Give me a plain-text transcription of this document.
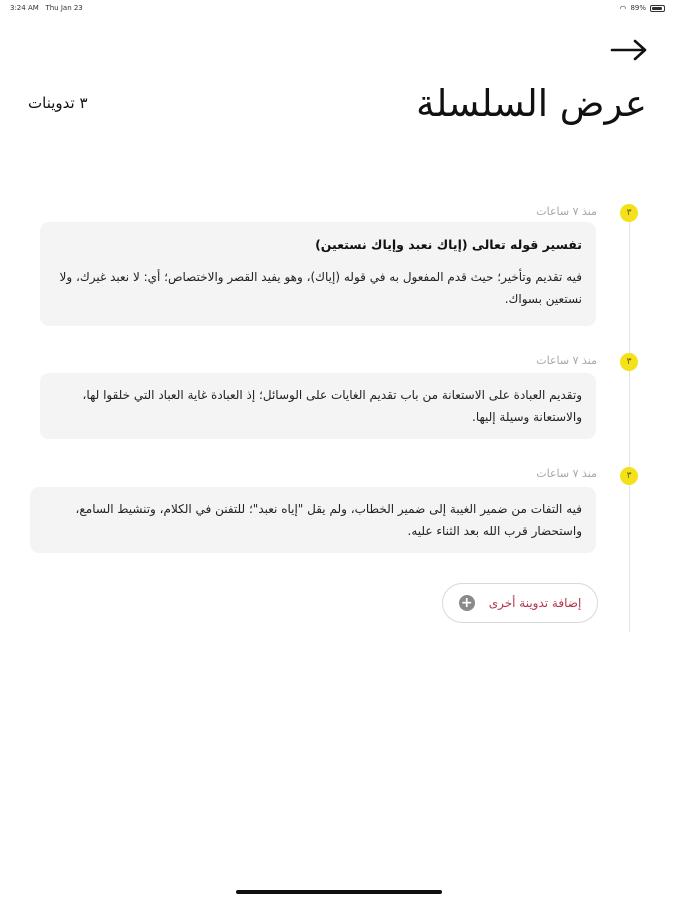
3:24 AM Thu Jan 23	◠ 89%
عرض السلسلة
٣ تدوينات
٣
منذ ٧ ساعات
تفسير قوله تعالى (إياك نعبد وإياك نستعين)

فيه تقديم وتأخير؛ حيث قدم المفعول به في قوله (إياك)، وهو يفيد القصر والاختصاص؛ أي: لا نعبد غيرك، ولا نستعين بسواك.

٣
منذ ٧ ساعات

وتقديم العبادة على الاستعانة من باب تقديم الغايات على الوسائل؛ إذ العبادة غاية العباد التي خلقوا لها، والاستعانة وسيلة إليها.

٣
منذ ٧ ساعات

فيه التفات من ضمير الغيبة إلى ضمير الخطاب، ولم يقل "إياه نعبد"؛ للتفنن في الكلام، وتنشيط السامع، واستحضار قرب الله بعد الثناء عليه.

إضافة تدوينة أخرى
+
